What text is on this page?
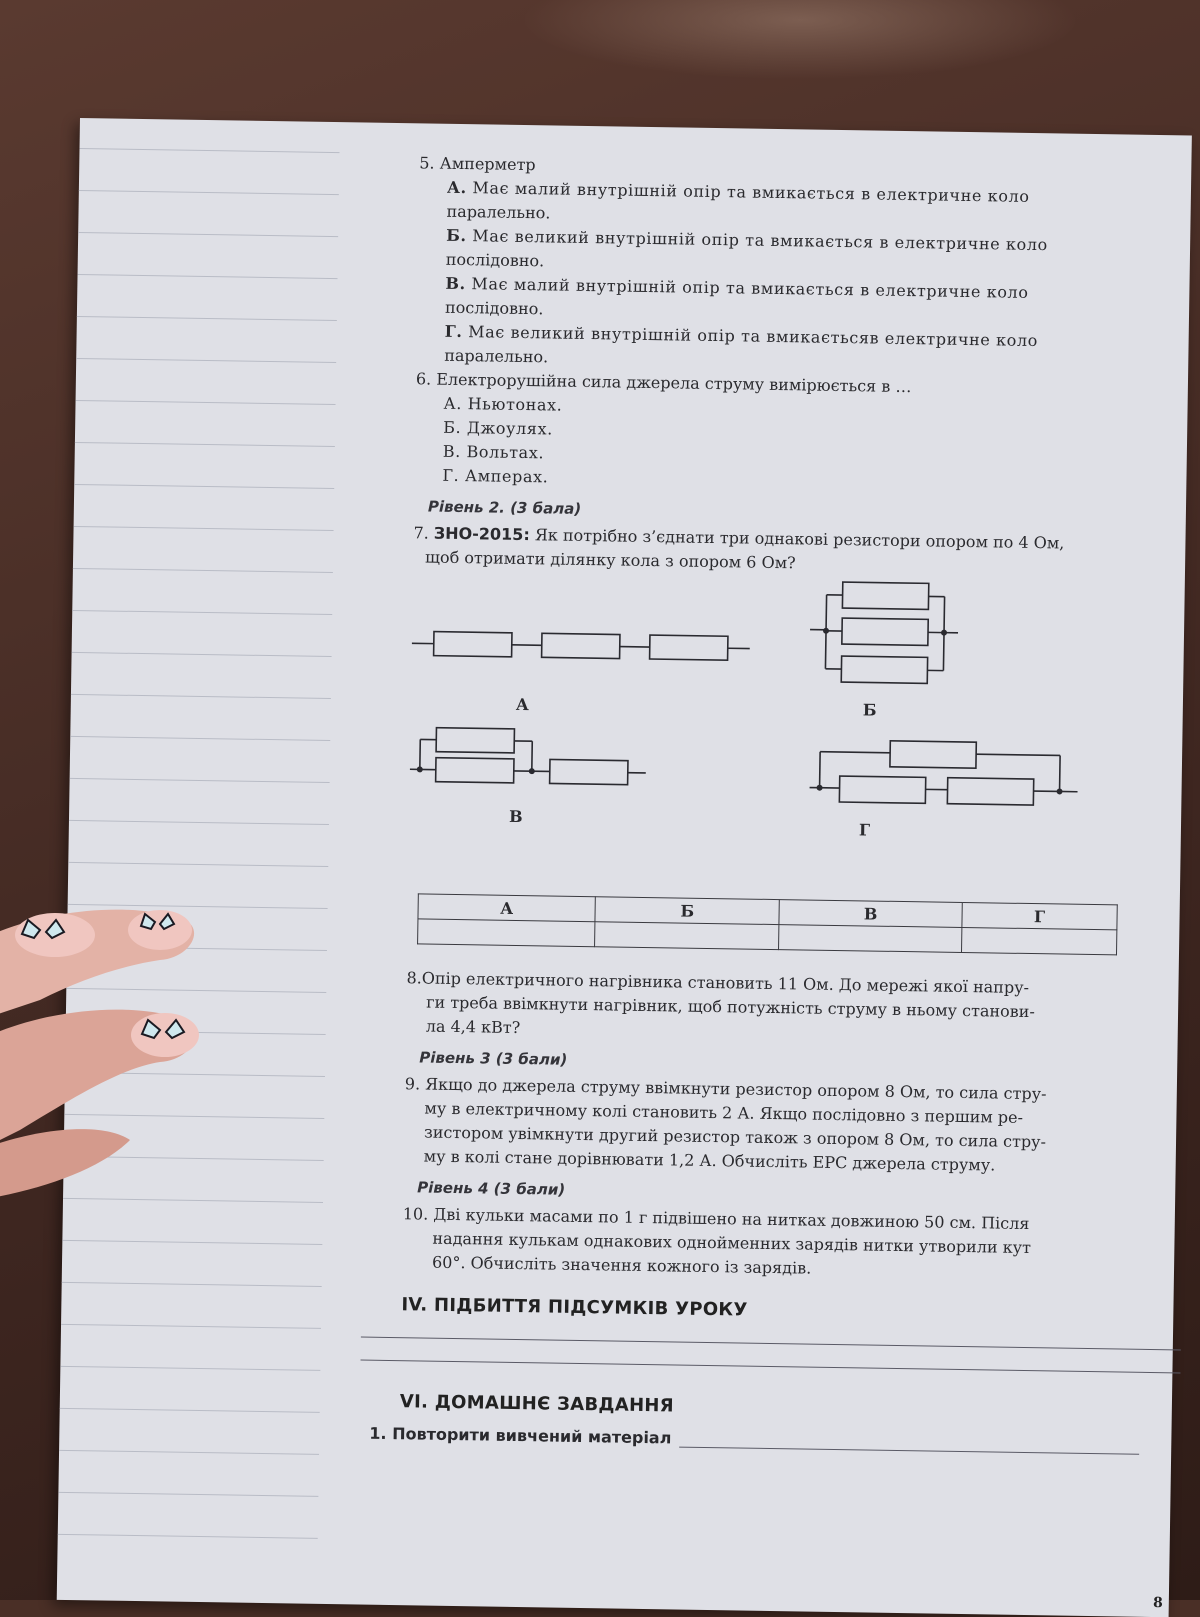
5. Амперметр
А. Має малий внутрішній опір та вмикається в електричне коло
паралельно.
Б. Має великий внутрішній опір та вмикається в електричне коло
послідовно.
В. Має малий внутрішній опір та вмикається в електричне коло
послідовно.
Г. Має великий внутрішній опір та вмикаєтьсяв електричне коло
паралельно.
6. Електрорушійна сила джерела струму вимірюється в …
А. Ньютонах.
Б. Джоулях.
В. Вольтах.
Г. Амперах.
Рівень 2. (3 бала)
7. ЗНО-2015: Як потрібно з’єднати три однакові резистори опором по 4 Ом,
щоб отримати ділянку кола з опором 6 Ом?
А	Б
В
Г
А	Б	В	Г

8.Опір електричного нагрівника становить 11 Ом. До мережі якої напру-
ги треба ввімкнути нагрівник, щоб потужність струму в ньому станови-
ла 4,4 кВт?
Рівень 3 (3 бали)
9. Якщо до джерела струму ввімкнути резистор опором 8 Ом, то сила стру-
му в електричному колі становить 2 А. Якщо послідовно з першим ре-
зистором увімкнути другий резистор також з опором 8 Ом, то сила стру-
му в колі стане дорівнювати 1,2 А. Обчисліть ЕРС джерела струму.
Рівень 4 (3 бали)
10. Дві кульки масами по 1 г підвішено на нитках довжиною 50 см. Після
надання кулькам однакових однойменних зарядів нитки утворили кут
60°. Обчисліть значення кожного із зарядів.
IV. ПІДБИТТЯ ПІДСУМКІВ УРОКУ
VI. ДОМАШНЄ ЗАВДАННЯ
1. Повторити вивчений матеріал
8
